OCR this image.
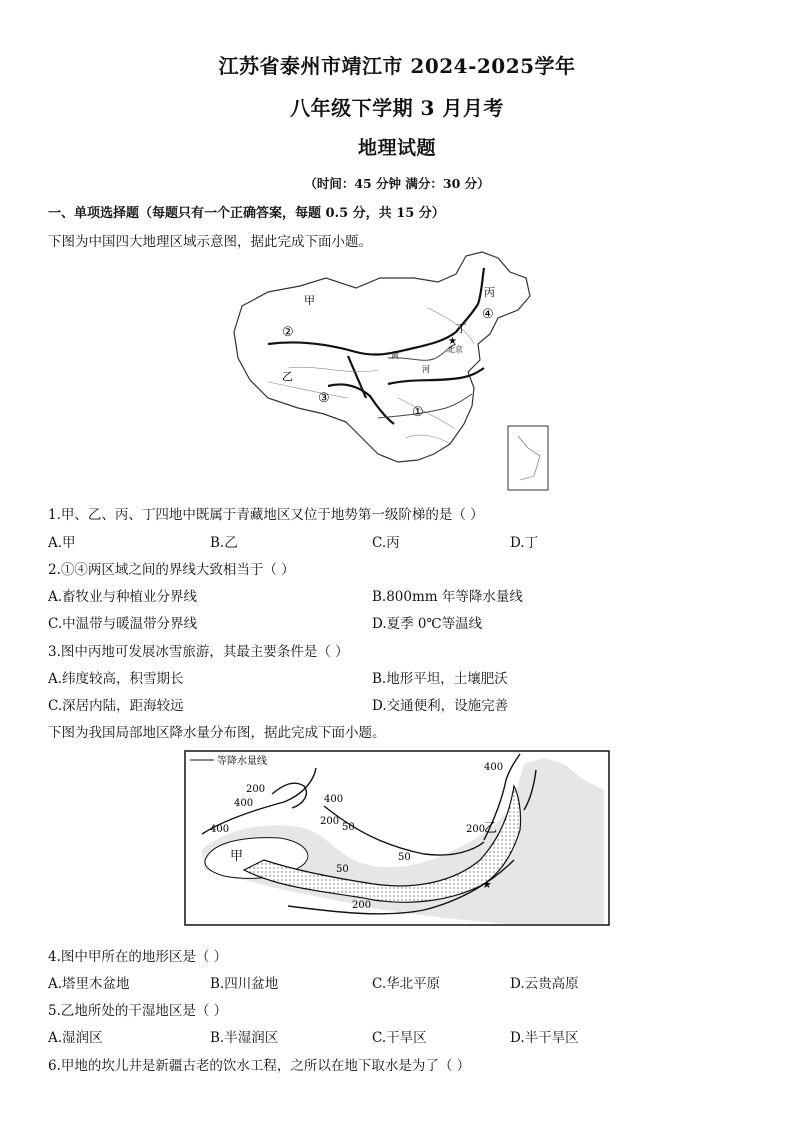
江苏省泰州市靖江市 2024-2025学年
八年级下学期 3 月月考
地理试题
（时间：45 分钟 满分：30 分）
一、单项选择题（每题只有一个正确答案，每题 0.5 分，共 15 分）
下图为中国四大地理区域示意图，据此完成下面小题。
甲
乙
丙
丁
①
②
③
④
北京
黄
河
★
1.甲、乙、丙、丁四地中既属于青藏地区又位于地势第一级阶梯的是（ ）
A.甲	B.乙	C.丙	D.丁
2.①④两区域之间的界线大致相当于（ ）
A.畜牧业与种植业分界线	B.800mm 年等降水量线
C.中温带与暖温带分界线	D.夏季 0℃等温线
3.图中丙地可发展冰雪旅游，其最主要条件是（ ）
A.纬度较高，积雪期长	B.地形平坦，土壤肥沃
C.深居内陆，距海较远	D.交通便利，设施完善
下图为我国局部地区降水量分布图，据此完成下面小题。
等降水量线
甲
乙
400
400
400
400
200
200
200
200
50
50
50
★
4.图中甲所在的地形区是（ ）
A.塔里木盆地	B.四川盆地	C.华北平原	D.云贵高原
5.乙地所处的干湿地区是（ ）
A.湿润区	B.半湿润区	C.干旱区	D.半干旱区
6.甲地的坎儿井是新疆古老的饮水工程，之所以在地下取水是为了（ ）
